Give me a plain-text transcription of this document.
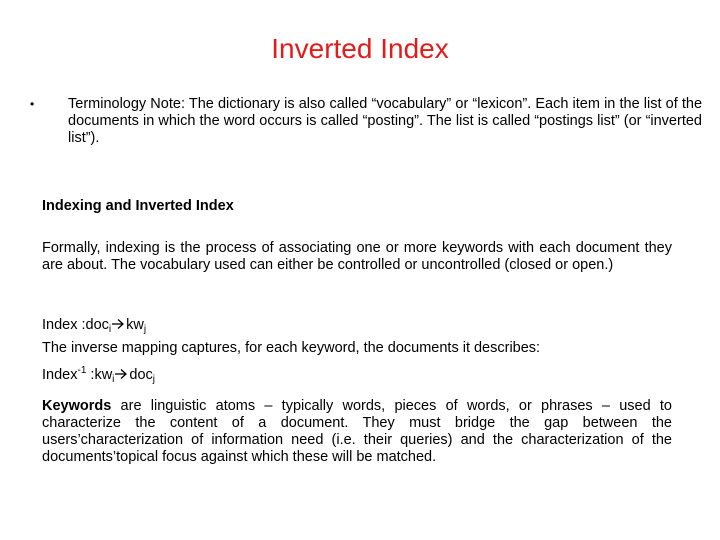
Inverted Index
• Terminology Note: The dictionary is also called “vocabulary” or “lexicon”. Each item in the list of the documents in which the word occurs is called “posting”. The list is called “postings list” (or “inverted list”).
Indexing and Inverted Index
Formally, indexing is the process of associating one or more keywords with each document they are about. The vocabulary used can either be controlled or uncontrolled (closed or open.)
Index :doc$_i$ $kw_j$
The inverse mapping captures, for each keyword, the documents it describes:
Index$^{-1}$ $:kw_i$ doc$_j$
Keywords are linguistic atoms – typically words, pieces of words, or phrases – used to characterize the content of a document. They must bridge the gap between the users’characterization of information need (i.e. their queries) and the characterization of the documents’topical focus against which these will be matched.
